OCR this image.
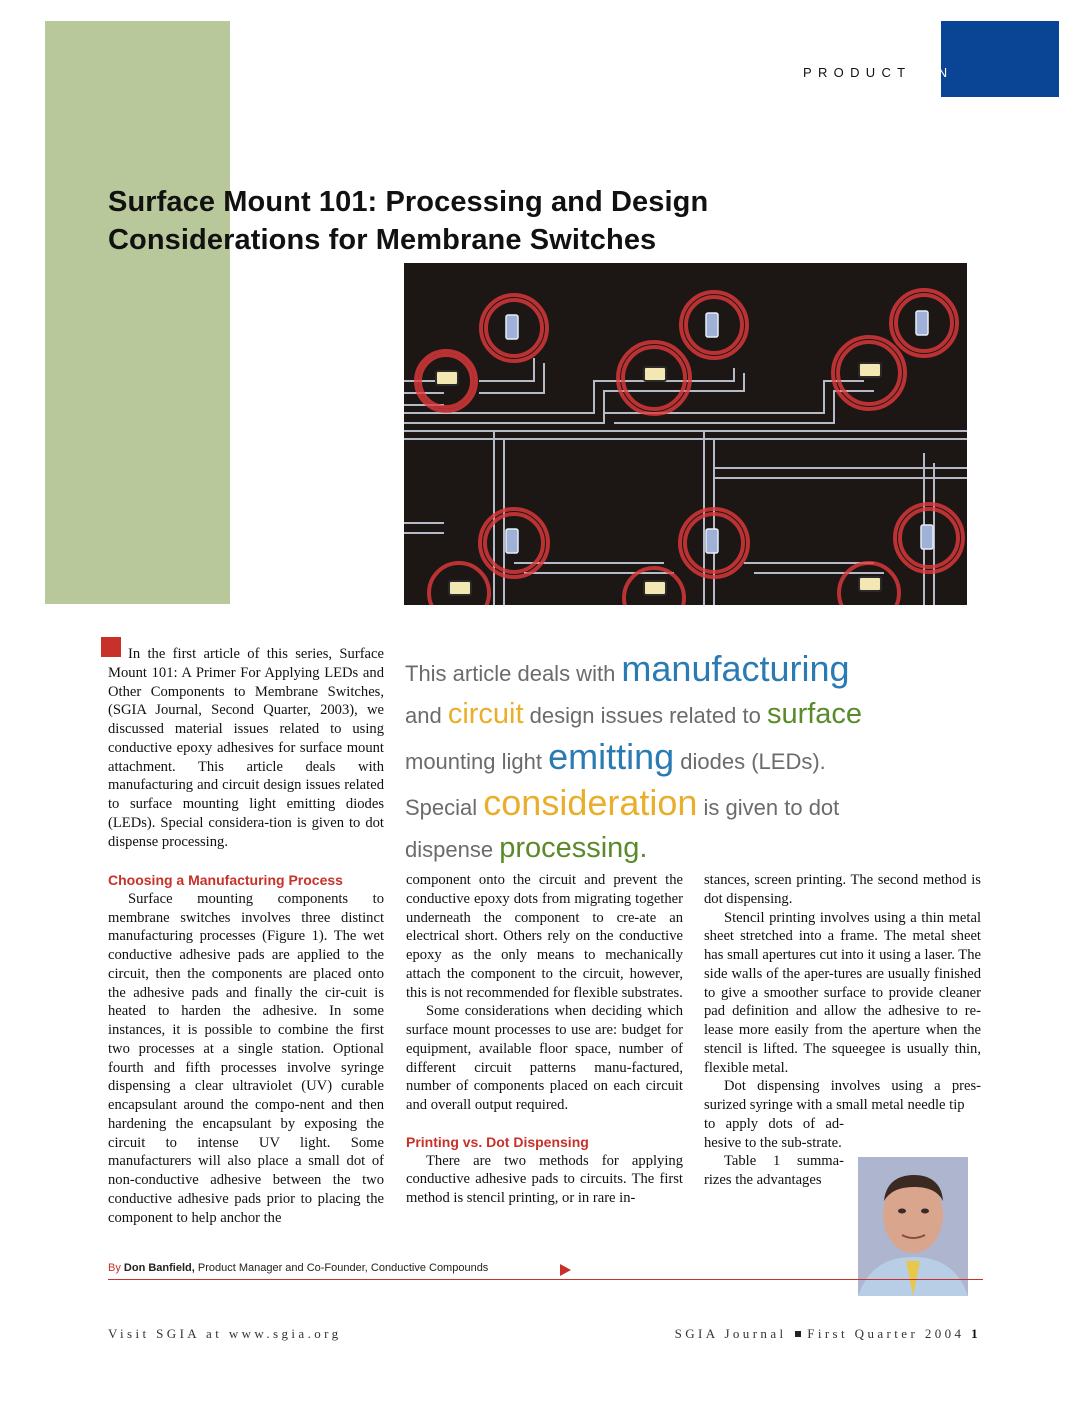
PRODUCTION
Surface Mount 101: Processing and Design Considerations for Membrane Switches

In the first article of this series, Surface Mount 101: A Primer For Applying LEDs and Other Components to Membrane Switches, (SGIA Journal, Second Quarter, 2003), we discussed material issues related to using conductive epoxy adhesives for surface mount attachment. This article deals with manufacturing and circuit design issues related to surface mounting light emitting diodes (LEDs). Special considera-tion is given to dot dispense processing.

This article deals with manufacturing
and circuit design issues related to surface
mounting light emitting diodes (LEDs).
Special consideration is given to dot
dispense processing.

Choosing a Manufacturing Process

Surface mounting components to membrane switches involves three distinct manufacturing processes (Figure 1). The wet conductive adhesive pads are applied to the circuit, then the components are placed onto the adhesive pads and finally the cir-cuit is heated to harden the adhesive. In some instances, it is possible to combine the first two processes at a single station. Optional fourth and fifth processes involve syringe dispensing a clear ultraviolet (UV) curable encapsulant around the compo-nent and then hardening the encapsulant by exposing the circuit to intense UV light. Some manufacturers will also place a small dot of non-conductive adhesive between the two conductive adhesive pads prior to placing the component to help anchor the

component onto the circuit and prevent the conductive epoxy dots from migrating together underneath the component to cre-ate an electrical short. Others rely on the conductive epoxy as the only means to mechanically attach the component to the circuit, however, this is not recommended for flexible substrates.

Some considerations when deciding which surface mount processes to use are: budget for equipment, available floor space, number of different circuit patterns manu-factured, number of components placed on each circuit and overall output required.

Printing vs. Dot Dispensing

There are two methods for applying conductive adhesive pads to circuits. The first method is stencil printing, or in rare in-

stances, screen printing. The second method is dot dispensing.

Stencil printing involves using a thin metal sheet stretched into a frame. The metal sheet has small apertures cut into it using a laser. The side walls of the aper-tures are usually finished to give a smoother surface to provide cleaner pad definition and allow the adhesive to re-lease more easily from the aperture when the stencil is lifted. The squeegee is usually thin, flexible metal.

Dot dispensing involves using a pres-surized syringe with a small metal needle tip

to apply dots of ad-hesive to the sub-strate.

Table 1 summa-rizes the advantages

By Don Banfield, Product Manager and Co-Founder, Conductive Compounds
Visit SGIA at www.sgia.org	SGIA Journal First Quarter 2004 1
